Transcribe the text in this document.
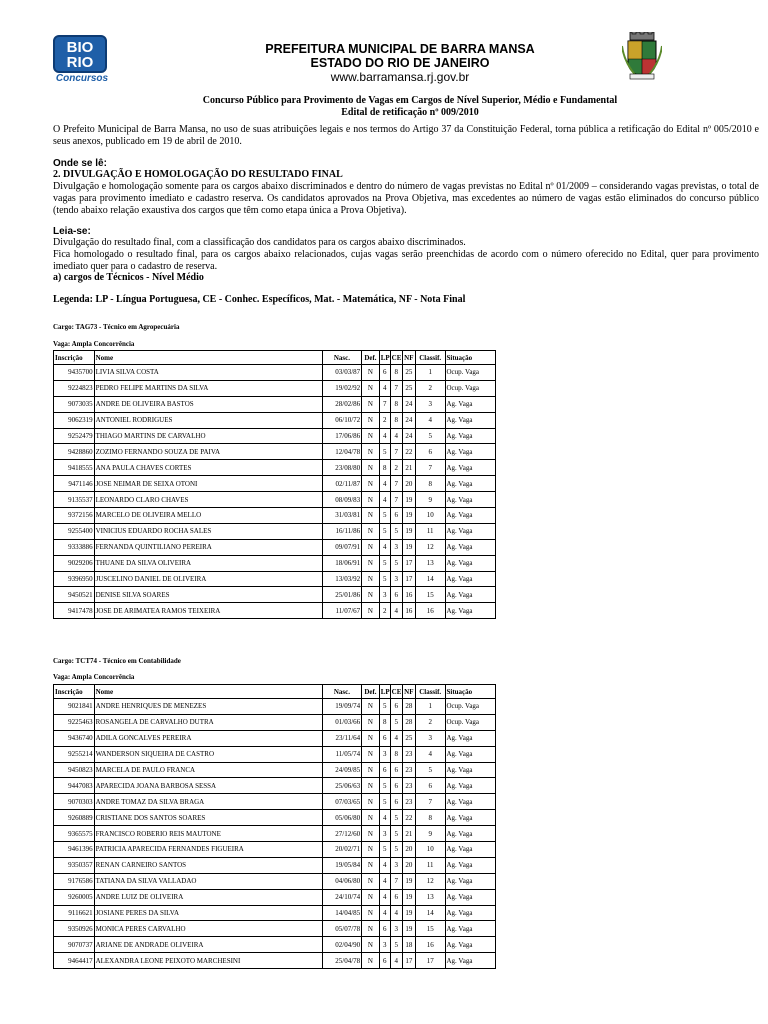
BIO
RIO
Concursos
PREFEITURA MUNICIPAL DE BARRA MANSA
ESTADO DO RIO DE JANEIRO
www.barramansa.rj.gov.br
Concurso Público para Provimento de Vagas em Cargos de Nível Superior, Médio e Fundamental
Edital de retificação nº 009/2010
O Prefeito Municipal de Barra Mansa, no uso de suas atribuições legais e nos termos do Artigo 37 da Constituição Federal, torna pública a retificação do Edital nº 005/2010 e seus anexos, publicado em 19 de abril de 2010.
Onde se lê:
2. DIVULGAÇÃO E HOMOLOGAÇÃO DO RESULTADO FINAL
Divulgação e homologação somente para os cargos abaixo discriminados e dentro do número de vagas previstas no Edital nº 01/2009 – considerando vagas previstas, o total de vagas para provimento imediato e cadastro reserva. Os candidatos aprovados na Prova Objetiva, mas excedentes ao número de vagas estão eliminados do concurso público (tendo abaixo relação exaustiva dos cargos que têm como etapa única a Prova Objetiva).
Leia-se:
Divulgação do resultado final, com a classificação dos candidatos para os cargos abaixo discriminados.
Fica homologado o resultado final, para os cargos abaixo relacionados, cujas vagas serão preenchidas de acordo com o número oferecido no Edital, quer para provimento imediato quer para o cadastro de reserva.
a) cargos de Técnicos - Nível Médio
Legenda: LP - Língua Portuguesa, CE - Conhec. Específicos, Mat. - Matemática, NF - Nota Final
Cargo: TAG73 - Técnico em Agropecuária
Vaga: Ampla Concorrência
Inscrição	Nome	Nasc.	Def.	LP	CE	NF	Classif.	Situação
9435700	LIVIA SILVA COSTA	03/03/87	N	6	8	25	1	Ocup. Vaga
9224823	PEDRO FELIPE MARTINS DA SILVA	19/02/92	N	4	7	25	2	Ocup. Vaga
9073035	ANDRE DE OLIVEIRA BASTOS	28/02/86	N	7	8	24	3	Ag. Vaga
9062319	ANTONIEL RODRIGUES	06/10/72	N	2	8	24	4	Ag. Vaga
9252479	THIAGO MARTINS DE CARVALHO	17/06/86	N	4	4	24	5	Ag. Vaga
9428860	ZOZIMO FERNANDO SOUZA DE PAIVA	12/04/78	N	5	7	22	6	Ag. Vaga
9418555	ANA PAULA CHAVES CORTES	23/08/80	N	8	2	21	7	Ag. Vaga
9471146	JOSE NEIMAR DE SEIXA OTONI	02/11/87	N	4	7	20	8	Ag. Vaga
9135537	LEONARDO CLARO CHAVES	08/09/83	N	4	7	19	9	Ag. Vaga
9372156	MARCELO DE OLIVEIRA MELLO	31/03/81	N	5	6	19	10	Ag. Vaga
9255400	VINICIUS EDUARDO ROCHA SALES	16/11/86	N	5	5	19	11	Ag. Vaga
9333886	FERNANDA QUINTILIANO PEREIRA	09/07/91	N	4	3	19	12	Ag. Vaga
9029206	THUANE DA SILVA OLIVEIRA	18/06/91	N	5	5	17	13	Ag. Vaga
9396950	JUSCELINO DANIEL DE OLIVEIRA	13/03/92	N	5	3	17	14	Ag. Vaga
9450521	DENISE SILVA SOARES	25/01/86	N	3	6	16	15	Ag. Vaga
9417478	JOSE DE ARIMATEA RAMOS TEIXEIRA	11/07/67	N	2	4	16	16	Ag. Vaga
Cargo: TCT74 - Técnico em Contabilidade
Vaga: Ampla Concorrência
Inscrição	Nome	Nasc.	Def.	LP	CE	NF	Classif.	Situação
9021841	ANDRE HENRIQUES DE MENEZES	19/09/74	N	5	6	28	1	Ocup. Vaga
9225463	ROSANGELA DE CARVALHO DUTRA	01/03/66	N	8	5	28	2	Ocup. Vaga
9436740	ADILA GONCALVES PEREIRA	23/11/64	N	6	4	25	3	Ag. Vaga
9255214	WANDERSON SIQUEIRA DE CASTRO	11/05/74	N	3	8	23	4	Ag. Vaga
9450823	MARCELA DE PAULO FRANCA	24/09/85	N	6	6	23	5	Ag. Vaga
9447083	APARECIDA JOANA BARBOSA SESSA	25/06/63	N	5	6	23	6	Ag. Vaga
9070303	ANDRE TOMAZ DA SILVA BRAGA	07/03/65	N	5	6	23	7	Ag. Vaga
9260889	CRISTIANE DOS SANTOS SOARES	05/06/80	N	4	5	22	8	Ag. Vaga
9365575	FRANCISCO ROBERIO REIS MAUTONE	27/12/60	N	3	5	21	9	Ag. Vaga
9461396	PATRICIA APARECIDA FERNANDES FIGUEIRA	20/02/71	N	5	5	20	10	Ag. Vaga
9350357	RENAN CARNEIRO SANTOS	19/05/84	N	4	3	20	11	Ag. Vaga
9176586	TATIANA DA SILVA VALLADAO	04/06/80	N	4	7	19	12	Ag. Vaga
9260005	ANDRE LUIZ DE OLIVEIRA	24/10/74	N	4	6	19	13	Ag. Vaga
9116621	JOSIANE PERES DA SILVA	14/04/85	N	4	4	19	14	Ag. Vaga
9350926	MONICA PERES CARVALHO	05/07/78	N	6	3	19	15	Ag. Vaga
9070737	ARIANE DE ANDRADE OLIVEIRA	02/04/90	N	3	5	18	16	Ag. Vaga
9464417	ALEXANDRA LEONE PEIXOTO MARCHESINI	25/04/78	N	6	4	17	17	Ag. Vaga
